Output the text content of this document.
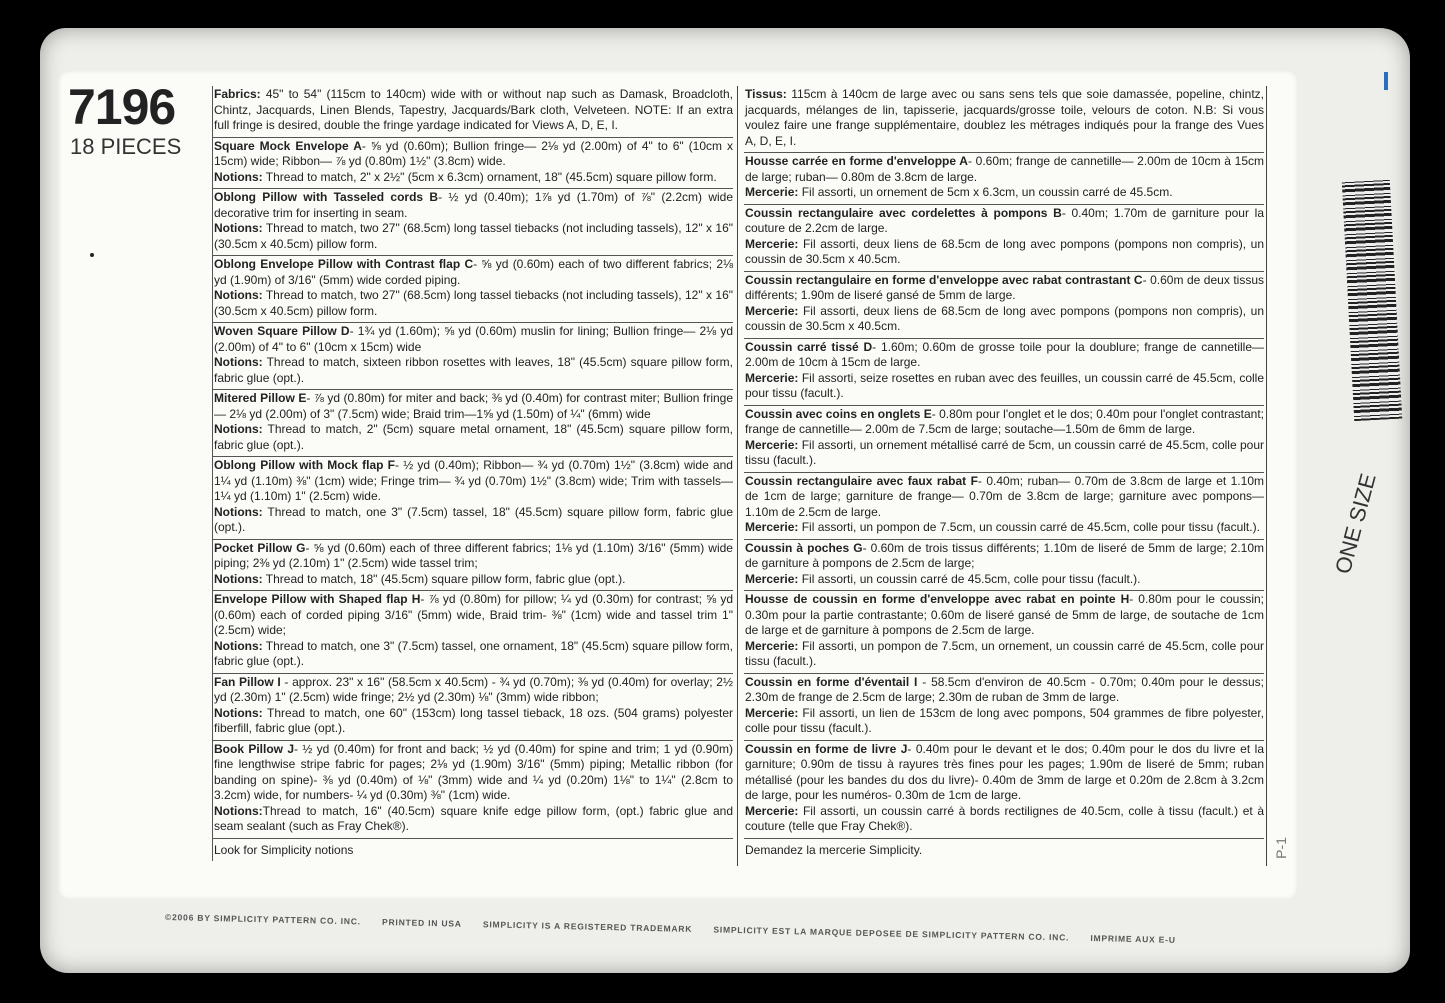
7196
18 PIECES
Fabrics: 45" to 54" (115cm to 140cm) wide with or without nap such as Damask, Broadcloth, Chintz, Jacquards, Linen Blends, Tapestry, Jacquards/Bark cloth, Velveteen. NOTE: If an extra full fringe is desired, double the fringe yardage indicated for Views A, D, E, I.
Square Mock Envelope A- ⅝ yd (0.60m); Bullion fringe— 2⅛ yd (2.00m) of 4" to 6" (10cm x 15cm) wide; Ribbon— ⅞ yd (0.80m) 1½" (3.8cm) wide.
Notions: Thread to match, 2" x 2½" (5cm x 6.3cm) ornament, 18" (45.5cm) square pillow form.
Oblong Pillow with Tasseled cords B- ½ yd (0.40m); 1⅞ yd (1.70m) of ⅞" (2.2cm) wide decorative trim for inserting in seam.
Notions: Thread to match, two 27" (68.5cm) long tassel tiebacks (not including tassels), 12" x 16" (30.5cm x 40.5cm) pillow form.
Oblong Envelope Pillow with Contrast flap C- ⅝ yd (0.60m) each of two different fabrics; 2⅛ yd (1.90m) of 3/16" (5mm) wide corded piping.
Notions: Thread to match, two 27" (68.5cm) long tassel tiebacks (not including tassels), 12" x 16" (30.5cm x 40.5cm) pillow form.
Woven Square Pillow D- 1¾ yd (1.60m); ⅝ yd (0.60m) muslin for lining; Bullion fringe— 2⅛ yd (2.00m) of 4" to 6" (10cm x 15cm) wide
Notions: Thread to match, sixteen ribbon rosettes with leaves, 18" (45.5cm) square pillow form, fabric glue (opt.).
Mitered Pillow E- ⅞ yd (0.80m) for miter and back; ⅜ yd (0.40m) for contrast miter; Bullion fringe— 2⅛ yd (2.00m) of 3" (7.5cm) wide; Braid trim—1⅝ yd (1.50m) of ¼" (6mm) wide
Notions: Thread to match, 2" (5cm) square metal ornament, 18" (45.5cm) square pillow form, fabric glue (opt.).
Oblong Pillow with Mock flap F- ½ yd (0.40m); Ribbon— ¾ yd (0.70m) 1½" (3.8cm) wide and 1¼ yd (1.10m) ⅜" (1cm) wide; Fringe trim— ¾ yd (0.70m) 1½" (3.8cm) wide; Trim with tassels— 1¼ yd (1.10m) 1" (2.5cm) wide.
Notions: Thread to match, one 3" (7.5cm) tassel, 18" (45.5cm) square pillow form, fabric glue (opt.).
Pocket Pillow G- ⅝ yd (0.60m) each of three different fabrics; 1⅛ yd (1.10m) 3/16" (5mm) wide piping; 2⅜ yd (2.10m) 1" (2.5cm) wide tassel trim;
Notions: Thread to match, 18" (45.5cm) square pillow form, fabric glue (opt.).
Envelope Pillow with Shaped flap H- ⅞ yd (0.80m) for pillow; ¼ yd (0.30m) for contrast; ⅝ yd (0.60m) each of corded piping 3/16" (5mm) wide, Braid trim- ⅜" (1cm) wide and tassel trim 1" (2.5cm) wide;
Notions: Thread to match, one 3" (7.5cm) tassel, one ornament, 18" (45.5cm) square pillow form, fabric glue (opt.).
Fan Pillow I - approx. 23" x 16" (58.5cm x 40.5cm) - ¾ yd (0.70m); ⅜ yd (0.40m) for overlay; 2½ yd (2.30m) 1" (2.5cm) wide fringe; 2½ yd (2.30m) ⅛" (3mm) wide ribbon;
Notions: Thread to match, one 60" (153cm) long tassel tieback, 18 ozs. (504 grams) polyester fiberfill, fabric glue (opt.).
Book Pillow J- ½ yd (0.40m) for front and back; ½ yd (0.40m) for spine and trim; 1 yd (0.90m) fine lengthwise stripe fabric for pages; 2⅛ yd (1.90m) 3/16" (5mm) piping; Metallic ribbon (for banding on spine)- ⅜ yd (0.40m) of ⅛" (3mm) wide and ¼ yd (0.20m) 1⅛" to 1¼" (2.8cm to 3.2cm) wide, for numbers- ¼ yd (0.30m) ⅜" (1cm) wide.
Notions:Thread to match, 16" (40.5cm) square knife edge pillow form, (opt.) fabric glue and seam sealant (such as Fray Chek®).
Look for Simplicity notions
Tissus: 115cm à 140cm de large avec ou sans sens tels que soie damassée, popeline, chintz, jacquards, mélanges de lin, tapisserie, jacquards/grosse toile, velours de coton. N.B: Si vous voulez faire une frange supplémentaire, doublez les métrages indiqués pour la frange des Vues A, D, E, I.
Housse carrée en forme d'enveloppe A- 0.60m; frange de cannetille— 2.00m de 10cm à 15cm de large; ruban— 0.80m de 3.8cm de large.
Mercerie: Fil assorti, un ornement de 5cm x 6.3cm, un coussin carré de 45.5cm.
Coussin rectangulaire avec cordelettes à pompons B- 0.40m; 1.70m de garniture pour la couture de 2.2cm de large.
Mercerie: Fil assorti, deux liens de 68.5cm de long avec pompons (pompons non compris), un coussin de 30.5cm x 40.5cm.
Coussin rectangulaire en forme d'enveloppe avec rabat contrastant C- 0.60m de deux tissus différents; 1.90m de liseré gansé de 5mm de large.
Mercerie: Fil assorti, deux liens de 68.5cm de long avec pompons (pompons non compris), un coussin de 30.5cm x 40.5cm.
Coussin carré tissé D- 1.60m; 0.60m de grosse toile pour la doublure; frange de cannetille— 2.00m de 10cm à 15cm de large.
Mercerie: Fil assorti, seize rosettes en ruban avec des feuilles, un coussin carré de 45.5cm, colle pour tissu (facult.).
Coussin avec coins en onglets E- 0.80m pour l'onglet et le dos; 0.40m pour l'onglet contrastant; frange de cannetille— 2.00m de 7.5cm de large; soutache—1.50m de 6mm de large.
Mercerie: Fil assorti, un ornement métallisé carré de 5cm, un coussin carré de 45.5cm, colle pour tissu (facult.).
Coussin rectangulaire avec faux rabat F- 0.40m; ruban— 0.70m de 3.8cm de large et 1.10m de 1cm de large; garniture de frange— 0.70m de 3.8cm de large; garniture avec pompons— 1.10m de 2.5cm de large.
Mercerie: Fil assorti, un pompon de 7.5cm, un coussin carré de 45.5cm, colle pour tissu (facult.).
Coussin à poches G- 0.60m de trois tissus différents; 1.10m de liseré de 5mm de large; 2.10m de garniture à pompons de 2.5cm de large;
Mercerie: Fil assorti, un coussin carré de 45.5cm, colle pour tissu (facult.).
Housse de coussin en forme d'enveloppe avec rabat en pointe H- 0.80m pour le coussin; 0.30m pour la partie contrastante; 0.60m de liseré gansé de 5mm de large, de soutache de 1cm de large et de garniture à pompons de 2.5cm de large.
Mercerie: Fil assorti, un pompon de 7.5cm, un ornement, un coussin carré de 45.5cm, colle pour tissu (facult.).
Coussin en forme d'éventail I - 58.5cm d'environ de 40.5cm - 0.70m; 0.40m pour le dessus; 2.30m de frange de 2.5cm de large; 2.30m de ruban de 3mm de large.
Mercerie: Fil assorti, un lien de 153cm de long avec pompons, 504 grammes de fibre polyester, colle pour tissu (facult.).
Coussin en forme de livre J- 0.40m pour le devant et le dos; 0.40m pour le dos du livre et la garniture; 0.90m de tissu à rayures très fines pour les pages; 1.90m de liseré de 5mm; ruban métallisé (pour les bandes du dos du livre)- 0.40m de 3mm de large et 0.20m de 2.8cm à 3.2cm de large, pour les numéros- 0.30m de 1cm de large.
Mercerie: Fil assorti, un coussin carré à bords rectilignes de 40.5cm, colle à tissu (facult.) et à couture (telle que Fray Chek®).
Demandez la mercerie Simplicity.
ONE SIZE
P-1
©2006 BY SIMPLICITY PATTERN CO. INC. PRINTED IN USA SIMPLICITY IS A REGISTERED TRADEMARK SIMPLICITY EST LA MARQUE DEPOSEE DE SIMPLICITY PATTERN CO. INC. IMPRIME AUX E-U
